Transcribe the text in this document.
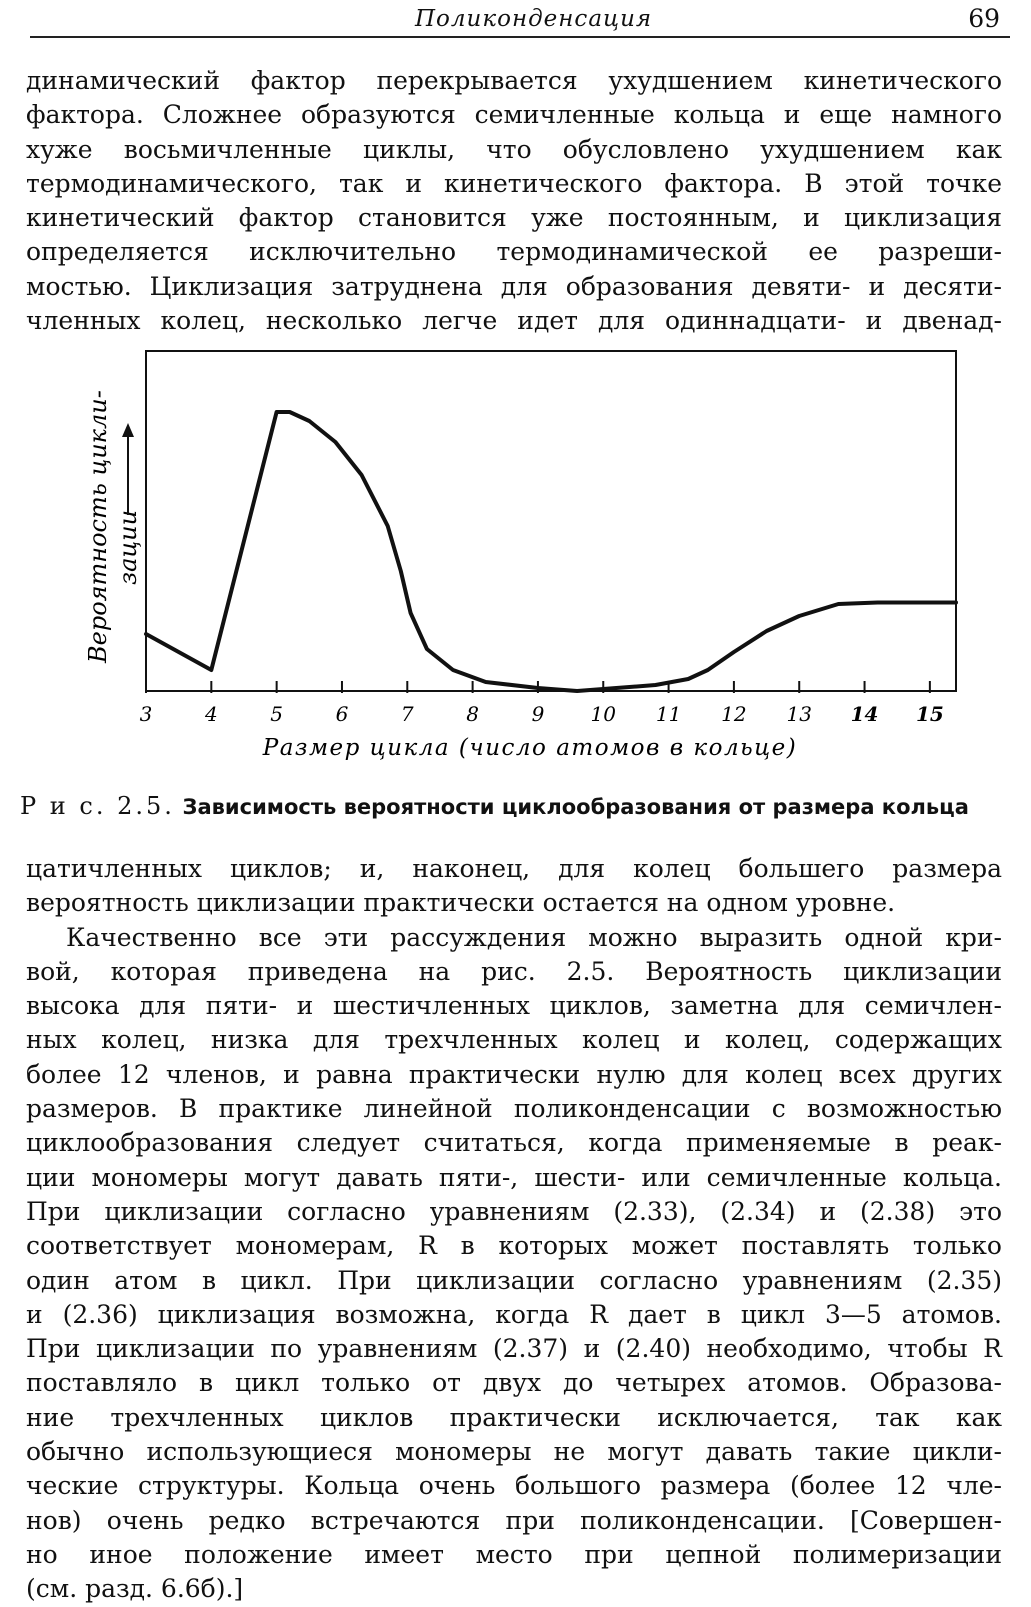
Поликонденсация	69
динамический фактор перекрывается ухудшением кинетического
фактора. Сложнее образуются семичленные кольца и еще намного
хуже восьмичленные циклы, что обусловлено ухудшением как
термодинамического, так и кинетического фактора. В этой точке
кинетический фактор становится уже постоянным, и циклизация
определяется исключительно термодинамической ее разреши-
мостью. Циклизация затруднена для образования девяти- и десяти-
членных колец, несколько легче идет для одиннадцати- и двенад-
3	4	5	6	7	8	9 10 11 12 13 14 15
Вероятность цикли- зации
Размер цикла (число атомов в кольце)
Р и с. 2.5. Зависимость вероятности циклообразования от размера кольца
цатичленных циклов; и, наконец, для колец большего размера
вероятность циклизации практически остается на одном уровне.
Качественно все эти рассуждения можно выразить одной кри-
вой, которая приведена на рис. 2.5. Вероятность циклизации
высока для пяти- и шестичленных циклов, заметна для семичлен-
ных колец, низка для трехчленных колец и колец, содержащих
более 12 членов, и равна практически нулю для колец всех других
размеров. В практике линейной поликонденсации с возможностью
циклообразования следует считаться, когда применяемые в реак-
ции мономеры могут давать пяти-, шести- или семичленные кольца.
При циклизации согласно уравнениям (2.33), (2.34) и (2.38) это
соответствует мономерам, R в которых может поставлять только
один атом в цикл. При циклизации согласно уравнениям (2.35)
и (2.36) циклизация возможна, когда R дает в цикл 3—5 атомов.
При циклизации по уравнениям (2.37) и (2.40) необходимо, чтобы R
поставляло в цикл только от двух до четырех атомов. Образова-
ние трехчленных циклов практически исключается, так как
обычно использующиеся мономеры не могут давать такие цикли-
ческие структуры. Кольца очень большого размера (более 12 чле-
нов) очень редко встречаются при поликонденсации. [Совершен-
но иное положение имеет место при цепной полимеризации
(см. разд. 6.6б).]
